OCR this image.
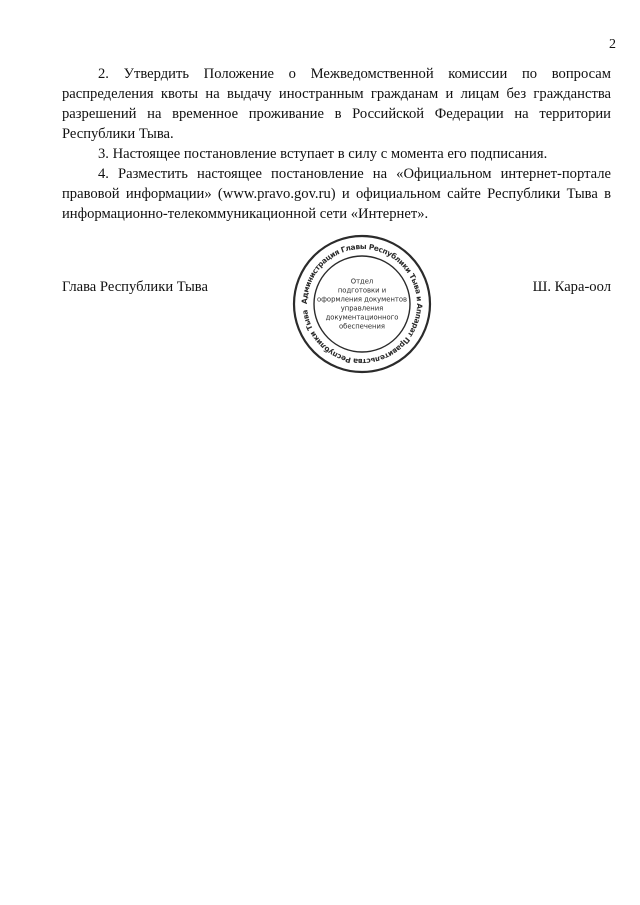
2

2. Утвердить Положение о Межведомственной комиссии по вопросам распределения квоты на выдачу иностранным гражданам и лицам без гражданства разрешений на временное проживание в Российской Федерации на территории Республики Тыва.

3. Настоящее постановление вступает в силу с момента его подписания.

4. Разместить настоящее постановление на «Официальном интернет-портале правовой информации» (www.pravo.gov.ru) и официальном сайте Республики Тыва в информационно-телекоммуникационной сети «Интернет».

Глава Республики Тыва	Ш. Кара-оол
Администрация Главы Республики Тыва и Аппарат Правительства Республики Тыва
Отдел
подготовки и
оформления документов
управления
документационного
обеспечения
